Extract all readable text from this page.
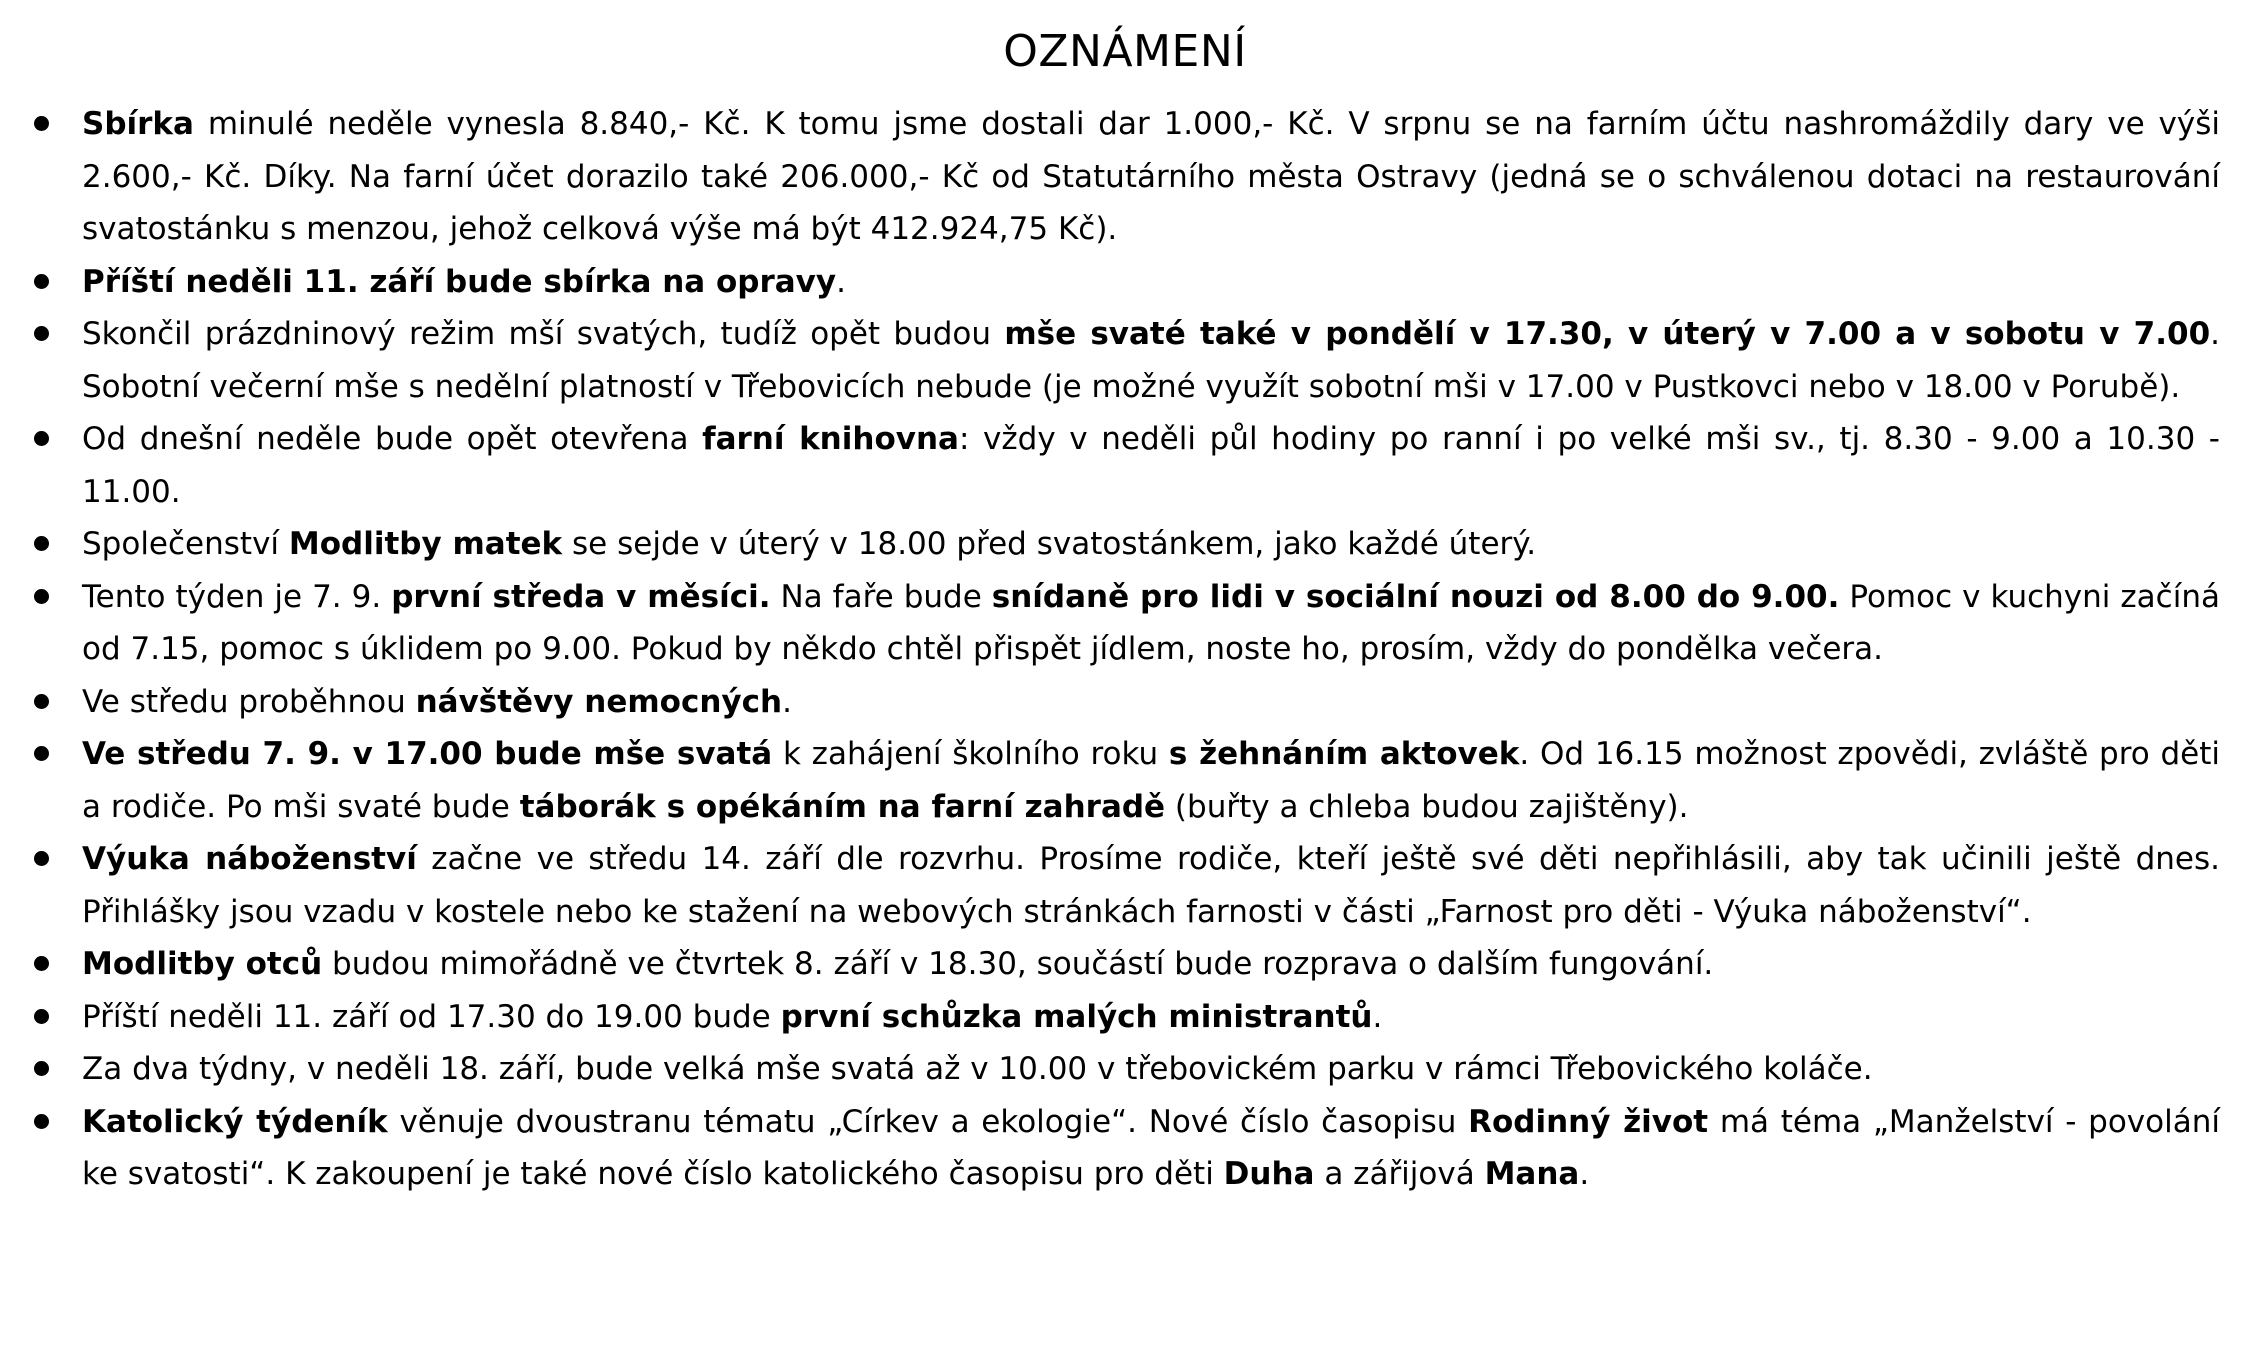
OZNÁMENÍ
Sbírka minulé neděle vynesla 8.840,- Kč. K tomu jsme dostali dar 1.000,- Kč. V srpnu se na farním účtu nashromáždily dary ve výši 2.600,- Kč. Díky. Na farní účet dorazilo také 206.000,- Kč od Statutárního města Ostravy (jedná se o schválenou dotaci na restaurování svatostánku s menzou, jehož celková výše má být 412.924,75 Kč).
Příští neděli 11. září bude sbírka na opravy.
Skončil prázdninový režim mší svatých, tudíž opět budou mše svaté také v pondělí v 17.30, v úterý v 7.00 a v sobotu v 7.00. Sobotní večerní mše s nedělní platností v Třebovicích nebude (je možné využít sobotní mši v 17.00 v Pustkovci nebo v 18.00 v Porubě).
Od dnešní neděle bude opět otevřena farní knihovna: vždy v neděli půl hodiny po ranní i po velké mši sv., tj. 8.30 - 9.00 a 10.30 - 11.00.
Společenství Modlitby matek se sejde v úterý v 18.00 před svatostánkem, jako každé úterý.
Tento týden je 7. 9. první středa v měsíci. Na faře bude snídaně pro lidi v sociální nouzi od 8.00 do 9.00. Pomoc v kuchyni začíná od 7.15, pomoc s úklidem po 9.00. Pokud by někdo chtěl přispět jídlem, noste ho, prosím, vždy do pondělka večera.
Ve středu proběhnou návštěvy nemocných.
Ve středu 7. 9. v 17.00 bude mše svatá k zahájení školního roku s žehnáním aktovek. Od 16.15 možnost zpovědi, zvláště pro děti a rodiče. Po mši svaté bude táborák s opékáním na farní zahradě (buřty a chleba budou zajištěny).
Výuka náboženství začne ve středu 14. září dle rozvrhu. Prosíme rodiče, kteří ještě své děti nepřihlásili, aby tak učinili ještě dnes. Přihlášky jsou vzadu v kostele nebo ke stažení na webových stránkách farnosti v části „Farnost pro děti - Výuka náboženství“.
Modlitby otců budou mimořádně ve čtvrtek 8. září v 18.30, součástí bude rozprava o dalším fungování.
Příští neděli 11. září od 17.30 do 19.00 bude první schůzka malých ministrantů.
Za dva týdny, v neděli 18. září, bude velká mše svatá až v 10.00 v třebovickém parku v rámci Třebovického koláče.
Katolický týdeník věnuje dvoustranu tématu „Církev a ekologie“. Nové číslo časopisu Rodinný život má téma „Manželství - povolání ke svatosti“. K zakoupení je také nové číslo katolického časopisu pro děti Duha a zářijová Mana.
